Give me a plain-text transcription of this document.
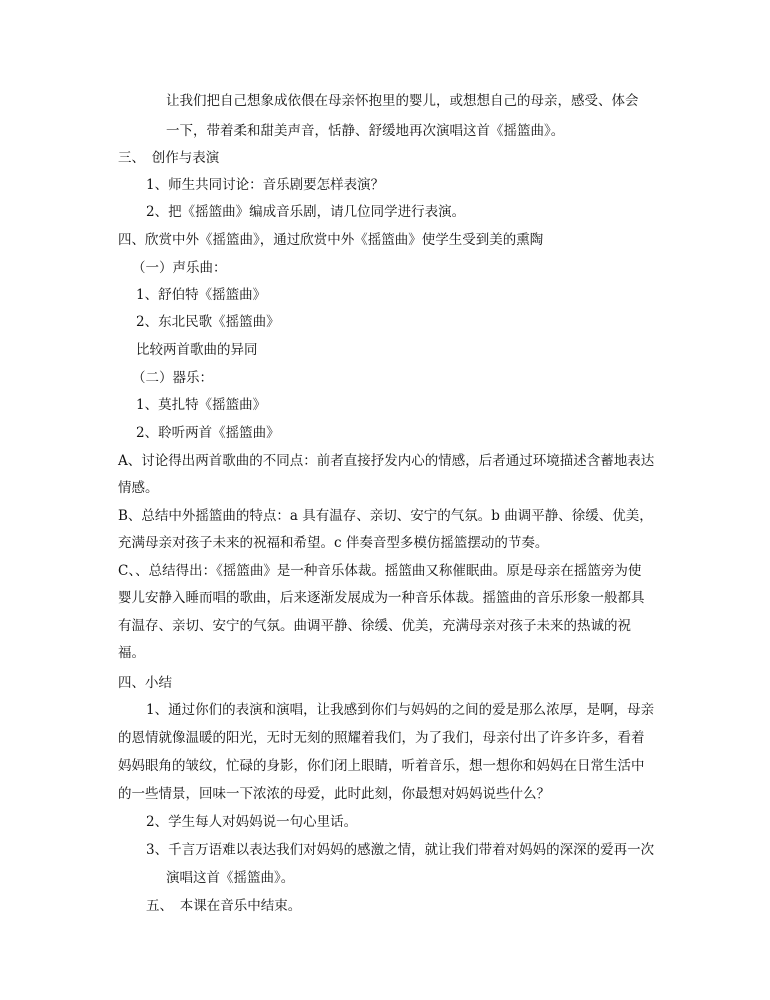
让我们把自己想象成依偎在母亲怀抱里的婴儿，或想想自己的母亲，感受、体会
一下，带着柔和甜美声音，恬静、舒缓地再次演唱这首《摇篮曲》。
三、　创作与表演
1、师生共同讨论：音乐剧要怎样表演？
2、把《摇篮曲》编成音乐剧，请几位同学进行表演。
四、欣赏中外《摇篮曲》，通过欣赏中外《摇篮曲》使学生受到美的熏陶
（一）声乐曲：
1、舒伯特《摇篮曲》
2、东北民歌《摇篮曲》
比较两首歌曲的异同
（二）器乐：
1、莫扎特《摇篮曲》
2、聆听两首《摇篮曲》
A、讨论得出两首歌曲的不同点：前者直接抒发内心的情感，后者通过环境描述含蓄地表达
情感。
B、总结中外摇篮曲的特点：a 具有温存、亲切、安宁的气氛。b 曲调平静、徐缓、优美，
充满母亲对孩子未来的祝福和希望。c 伴奏音型多模仿摇篮摆动的节奏。
C、、总结得出：《摇篮曲》是一种音乐体裁。摇篮曲又称催眠曲。原是母亲在摇篮旁为使
婴儿安静入睡而唱的歌曲，后来逐渐发展成为一种音乐体裁。摇篮曲的音乐形象一般都具
有温存、亲切、安宁的气氛。曲调平静、徐缓、优美，充满母亲对孩子未来的热诚的祝
福。
四、小结
1、通过你们的表演和演唱，让我感到你们与妈妈的之间的爱是那么浓厚，是啊，母亲
的恩情就像温暖的阳光，无时无刻的照耀着我们，为了我们，母亲付出了许多许多，看着
妈妈眼角的皱纹，忙碌的身影，你们闭上眼睛，听着音乐，想一想你和妈妈在日常生活中
的一些情景，回味一下浓浓的母爱，此时此刻，你最想对妈妈说些什么？
2、学生每人对妈妈说一句心里话。
3、千言万语难以表达我们对妈妈的感激之情，就让我们带着对妈妈的深深的爱再一次
演唱这首《摇篮曲》。
五、　本课在音乐中结束。
